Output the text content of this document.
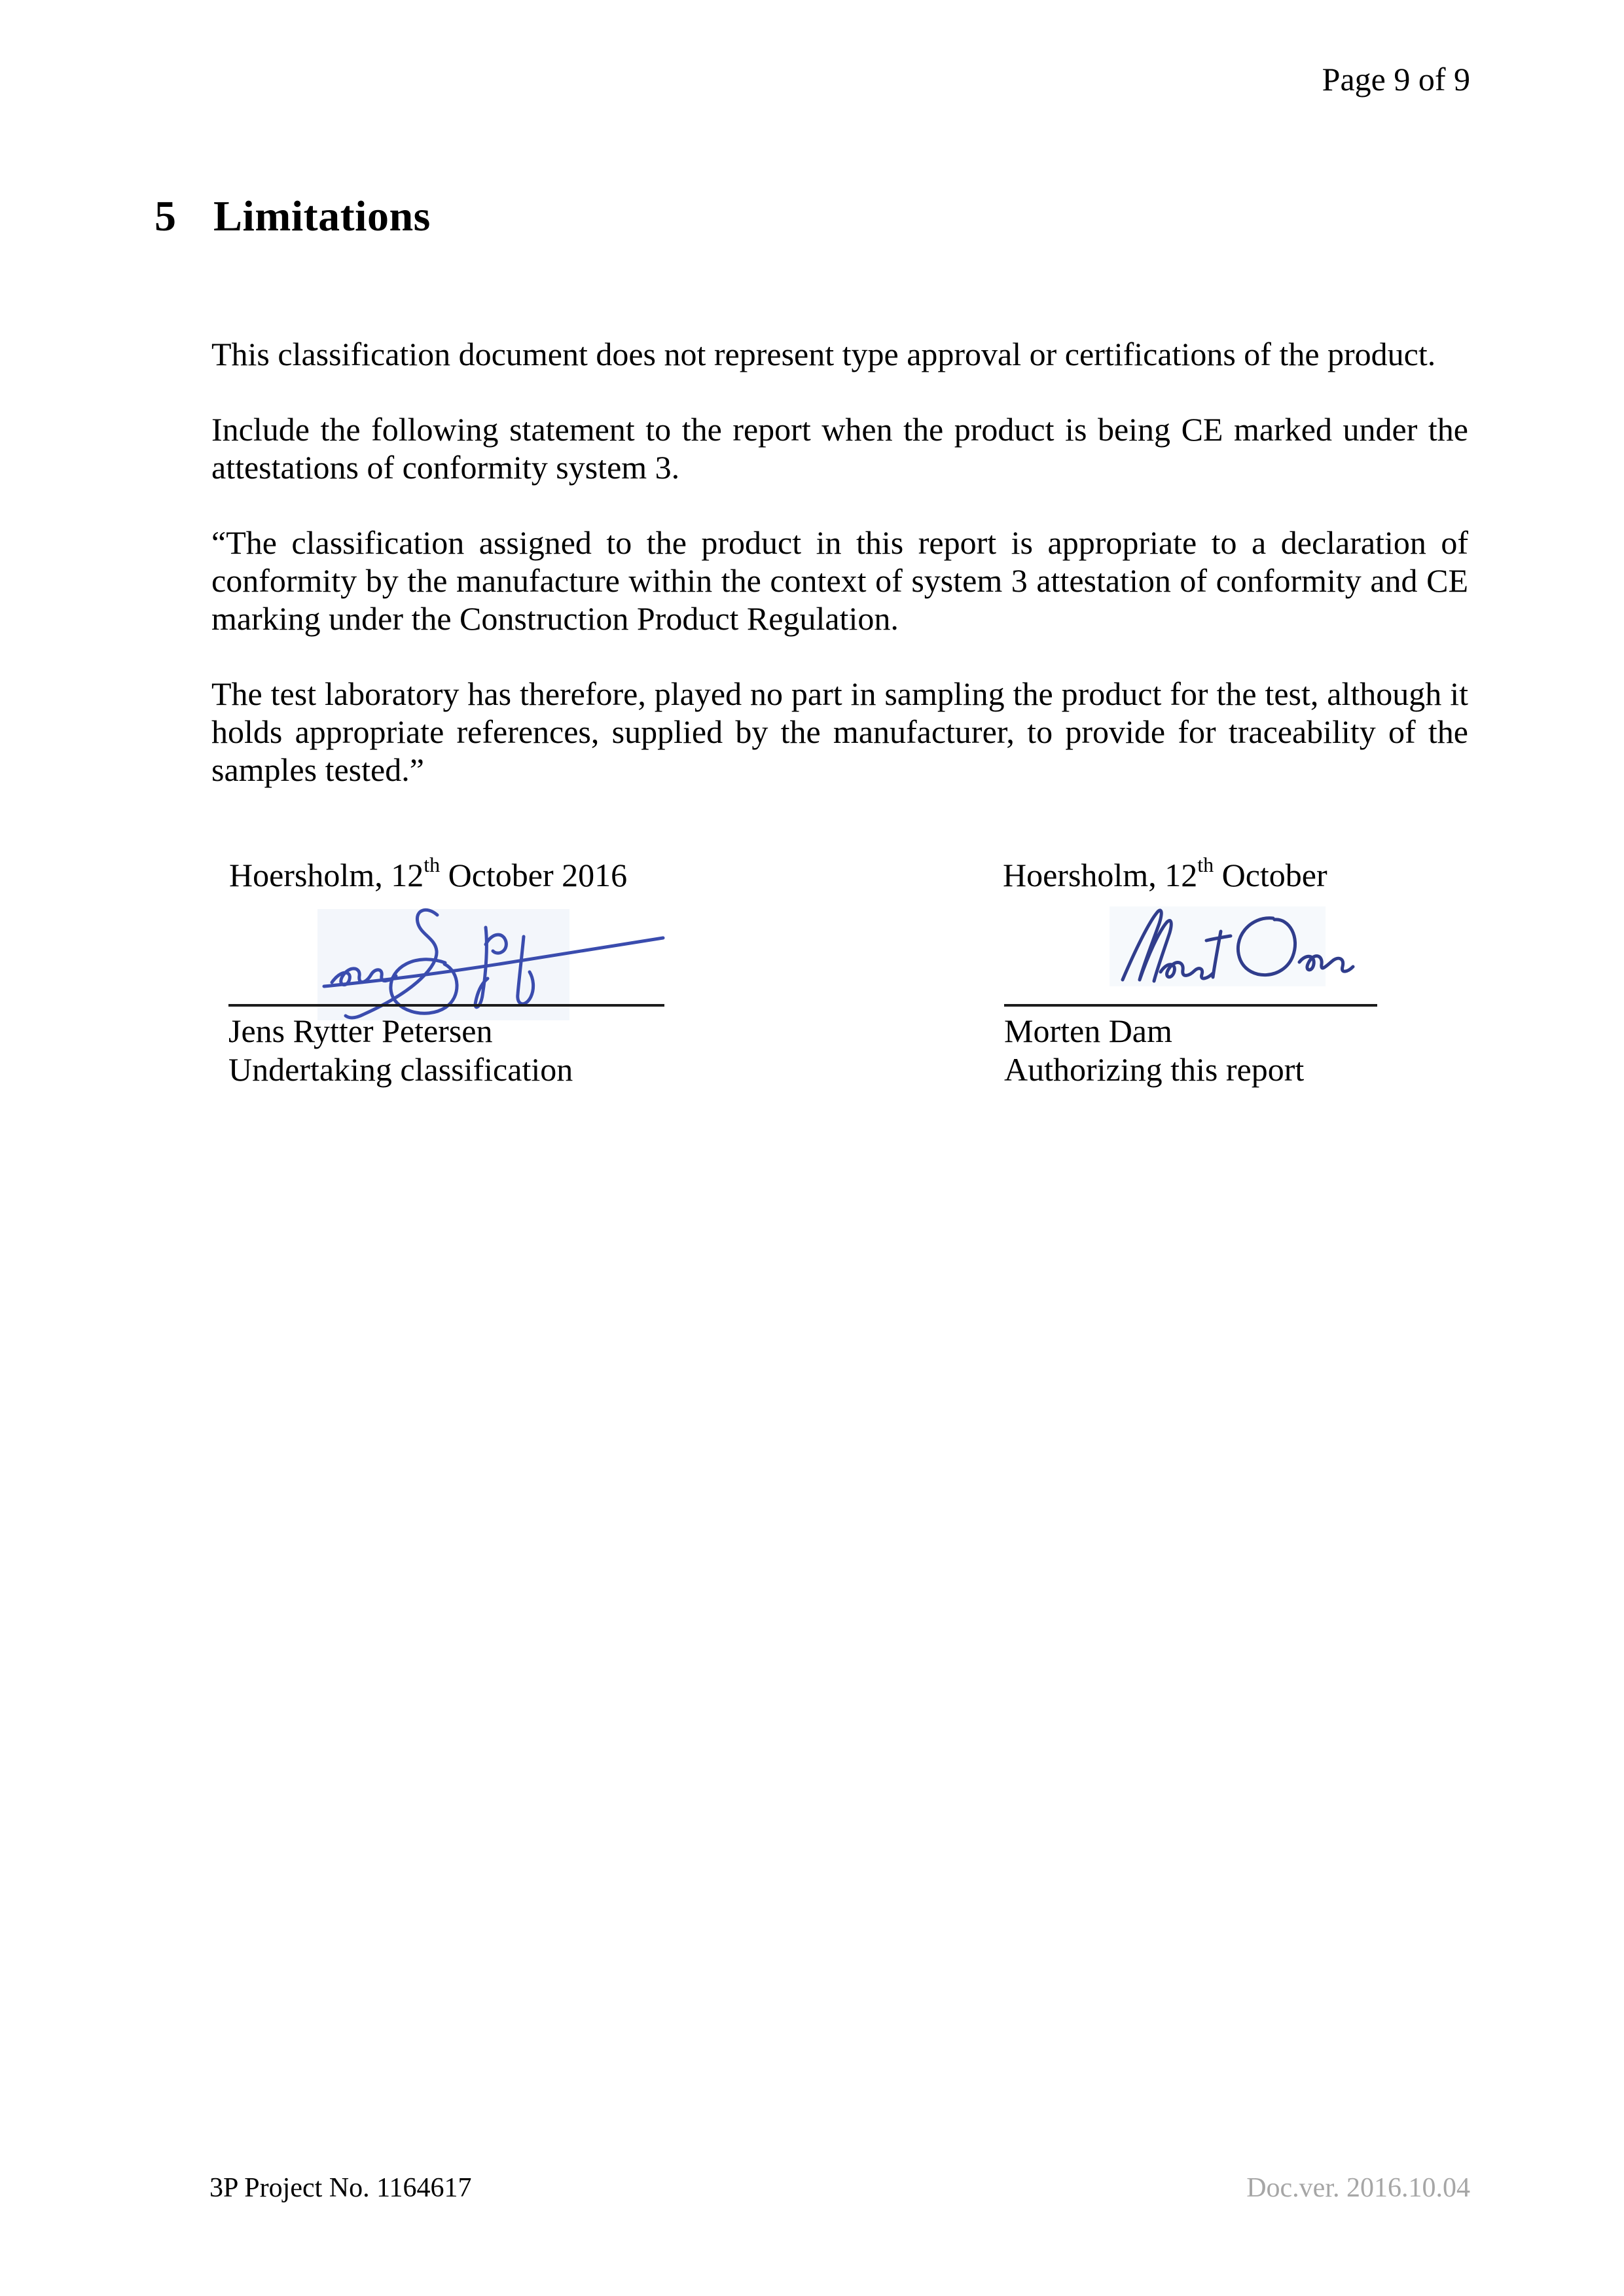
Page 9 of 9
5 Limitations

This classification document does not represent type approval or certifications of the product.

Include the following statement to the report when the product is being CE marked under the attestations of conformity system 3.

“The classification assigned to the product in this report is appropriate to a declaration of conformity by the manufacture within the context of system 3 attestation of conformity and CE marking under the Construction Product Regulation.

The test laboratory has therefore, played no part in sampling the product for the test, although it holds appropriate references, supplied by the manufacturer, to provide for traceability of the samples tested.”

Hoersholm, 12th October 2016	Hoersholm, 12th October
Jens Rytter Petersen
Undertaking classification
Morten Dam
Authorizing this report
3P Project No. 1164617	Doc.ver. 2016.10.04
